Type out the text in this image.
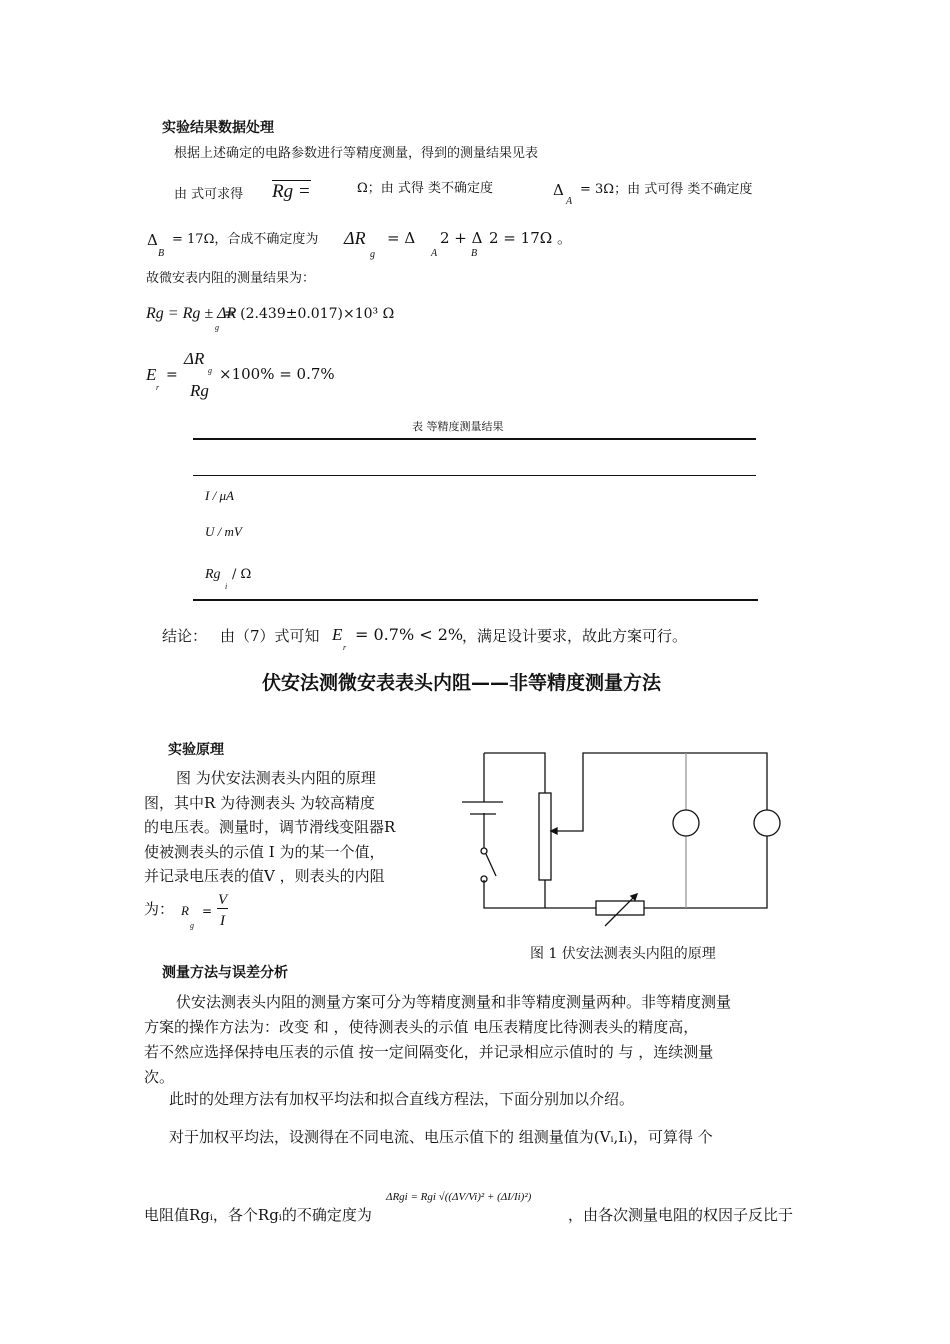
实验结果数据处理
根据上述确定的电路参数进行等精度测量，得到的测量结果见表
由 式可求得 Rg =	Ω；由 式得 类不确定度	Δ
A
= 3Ω；由 式可得 类不确定度
Δ
B
= 17Ω，合成不确定度为 ΔR
g
= Δ
A
2 + Δ
B
2 = 17Ω 。
故微安表内阻的测量结果为：
Rg = Rg ± ΔR
g
= (2.439±0.017)×10³ Ω
E
r
=
ΔR
g
Rg
×100% = 0.7%
表 等精度测量结果
I / μA
U / mV
Rg
i
/ Ω
结论： 由（7）式可知 E
r
= 0.7% < 2%
，满足设计要求，故此方案可行。
伏安法测微安表表头内阻——非等精度测量方法
实验原理
图 为伏安法测表头内阻的原理
图，其中R 为待测表头 为较高精度
的电压表。测量时，调节滑线变阻器R
使被测表头的示值 I 为的某一个值，
并记录电压表的值V ，则表头的内阻
为： R
g
=
V
I
图 1 伏安法测表头内阻的原理
测量方法与误差分析
伏安法测表头内阻的测量方案可分为等精度测量和非等精度测量两种。非等精度测量
方案的操作方法为：改变 和 ，使待测表头的示值 电压表精度比待测表头的精度高，
若不然应选择保持电压表的示值 按一定间隔变化，并记录相应示值时的 与 ，连续测量
次。
此时的处理方法有加权平均法和拟合直线方程法，下面分别加以介绍。
对于加权平均法，设测得在不同电流、电压示值下的 组测量值为(Vᵢ,Iᵢ)，可算得 个
电阻值Rgᵢ，各个Rgᵢ的不确定度为
ΔRgi = Rgi √((ΔV/Vi)² + (ΔI/Ii)²)
，由各次测量电阻的权因子反比于
